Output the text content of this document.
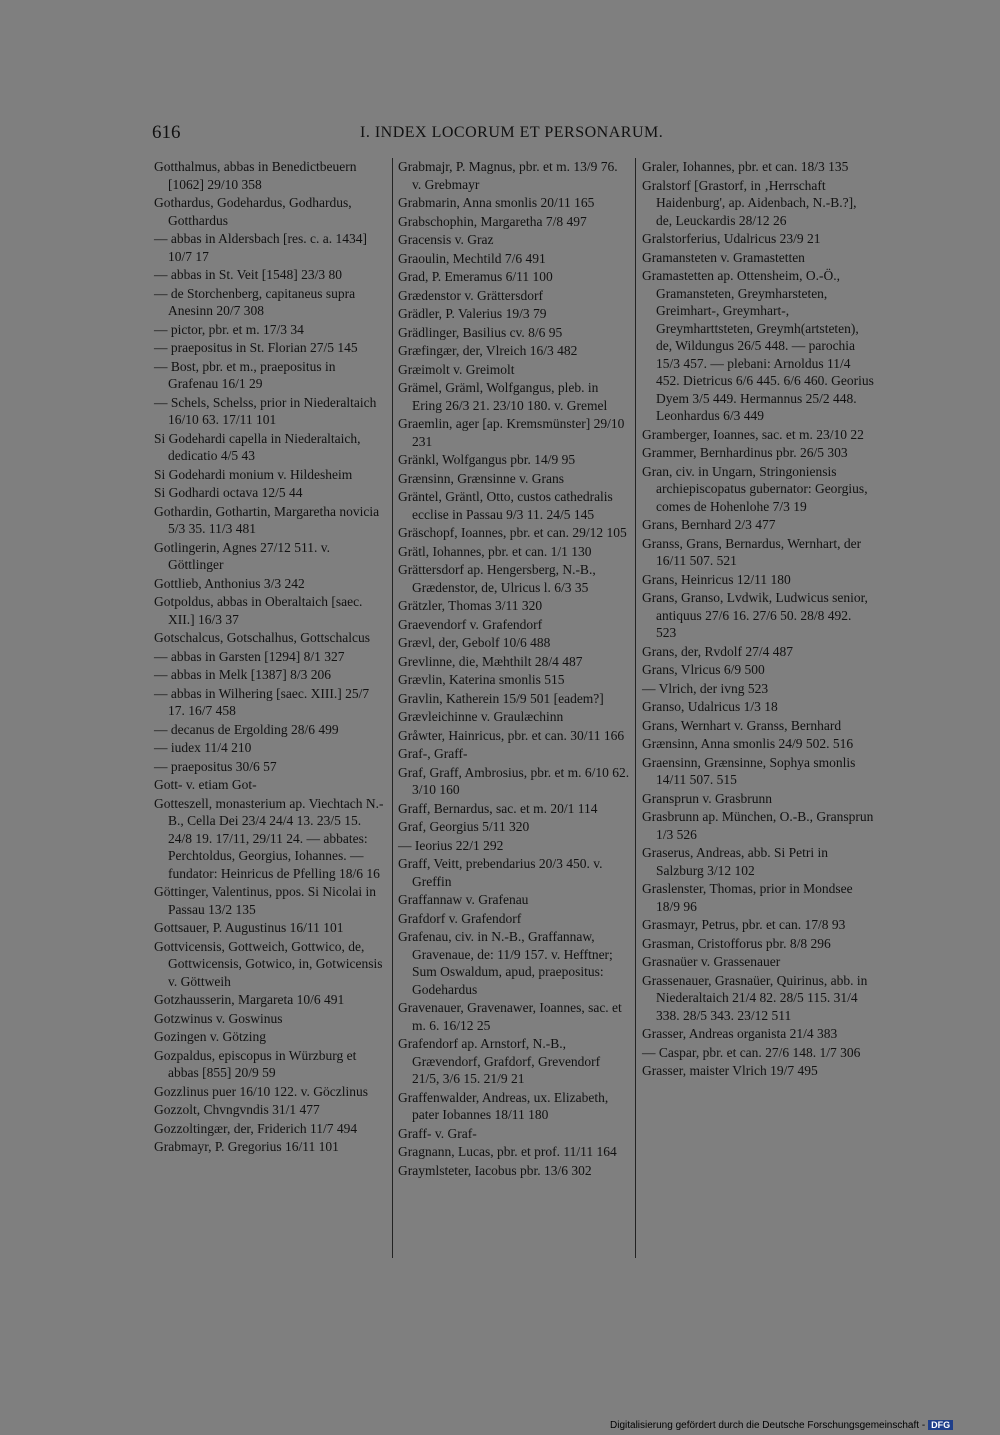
616	I. INDEX LOCORUM ET PERSONARUM.
Gotthalmus, abbas in Benedictbeuern [1062] 29/10 358
Gothardus, Godehardus, Godhardus, Gotthardus
— abbas in Aldersbach [res. c. a. 1434] 10/7 17
— abbas in St. Veit [1548] 23/3 80
— de Storchenberg, capitaneus supra Anesinn 20/7 308
— pictor, pbr. et m. 17/3 34
— praepositus in St. Florian 27/5 145
— Bost, pbr. et m., praepositus in Grafenau 16/1 29
— Schels, Schelss, prior in Niederaltaich 16/10 63. 17/11 101
Si Godehardi capella in Niederaltaich, dedicatio 4/5 43
Si Godehardi monium v. Hildesheim
Si Godhardi octava 12/5 44
Gothardin, Gothartin, Margaretha novicia 5/3 35. 11/3 481
Gotlingerin, Agnes 27/12 511. v. Göttlinger
Gottlieb, Anthonius 3/3 242
Gotpoldus, abbas in Oberaltaich [saec. XII.] 16/3 37
Gotschalcus, Gotschalhus, Gottschalcus
— abbas in Garsten [1294] 8/1 327
— abbas in Melk [1387] 8/3 206
— abbas in Wilhering [saec. XIII.] 25/7 17. 16/7 458
— decanus de Ergolding 28/6 499
— iudex 11/4 210
— praepositus 30/6 57
Gott- v. etiam Got-
Gotteszell, monasterium ap. Viechtach N.-B., Cella Dei 23/4 24/4 13. 23/5 15. 24/8 19. 17/11, 29/11 24. — abbates: Perchtoldus, Georgius, Iohannes. — fundator: Heinricus de Pfelling 18/6 16
Göttinger, Valentinus, ppos. Si Nicolai in Passau 13/2 135
Gottsauer, P. Augustinus 16/11 101
Gottvicensis, Gottweich, Gottwico, de, Gottwicensis, Gotwico, in, Gotwicensis v. Göttweih
Gotzhausserin, Margareta 10/6 491
Gotzwinus v. Goswinus
Gozingen v. Götzing
Gozpaldus, episcopus in Würzburg et abbas [855] 20/9 59
Gozzlinus puer 16/10 122. v. Göczlinus
Gozzolt, Chvngvndis 31/1 477
Gozzoltingær, der, Friderich 11/7 494
Grabmayr, P. Gregorius 16/11 101
Grabmajr, P. Magnus, pbr. et m. 13/9 76. v. Grebmayr
Grabmarin, Anna smonlis 20/11 165
Grabschophin, Margaretha 7/8 497
Gracensis v. Graz
Graoulin, Mechtild 7/6 491
Grad, P. Emeramus 6/11 100
Grædenstor v. Grättersdorf
Grädler, P. Valerius 19/3 79
Grädlinger, Basilius cv. 8/6 95
Græfingær, der, Vlreich 16/3 482
Græimolt v. Greimolt
Grämel, Gräml, Wolfgangus, pleb. in Ering 26/3 21. 23/10 180. v. Gremel
Graemlin, ager [ap. Kremsmünster] 29/10 231
Gränkl, Wolfgangus pbr. 14/9 95
Grænsinn, Grænsinne v. Grans
Gräntel, Gräntl, Otto, custos cathedralis ecclise in Passau 9/3 11. 24/5 145
Gräschopf, Ioannes, pbr. et can. 29/12 105
Grätl, Iohannes, pbr. et can. 1/1 130
Grättersdorf ap. Hengersberg, N.-B., Grædenstor, de, Ulricus l. 6/3 35
Grätzler, Thomas 3/11 320
Graevendorf v. Grafendorf
Grævl, der, Gebolf 10/6 488
Grevlinne, die, Mæhthilt 28/4 487
Grævlin, Katerina smonlis 515
Gravlin, Katherein 15/9 501 [eadem?]
Grævleichinne v. Graulæchinn
Gråwter, Hainricus, pbr. et can. 30/11 166
Graf-, Graff-
Graf, Graff, Ambrosius, pbr. et m. 6/10 62. 3/10 160
Graff, Bernardus, sac. et m. 20/1 114
Graf, Georgius 5/11 320
— Ieorius 22/1 292
Graff, Veitt, prebendarius 20/3 450. v. Greffin
Graffannaw v. Grafenau
Grafdorf v. Grafendorf
Grafenau, civ. in N.-B., Graffannaw, Gravenaue, de: 11/9 157. v. Hefftner; Sum Oswaldum, apud, praepositus: Godehardus
Gravenauer, Gravenawer, Ioannes, sac. et m. 6. 16/12 25
Grafendorf ap. Arnstorf, N.-B., Grævendorf, Grafdorf, Grevendorf 21/5, 3/6 15. 21/9 21
Graffenwalder, Andreas, ux. Elizabeth, pater Iobannes 18/11 180
Graff- v. Graf-
Gragnann, Lucas, pbr. et prof. 11/11 164
Graymlsteter, Iacobus pbr. 13/6 302
Graler, Iohannes, pbr. et can. 18/3 135
Gralstorf [Grastorf, in ‚Herrschaft Haidenburg', ap. Aidenbach, N.-B.?], de, Leuckardis 28/12 26
Gralstorferius, Udalricus 23/9 21
Gramansteten v. Gramastetten
Gramastetten ap. Ottensheim, O.-Ö., Gramansteten, Greymharsteten, Greimhart-, Greymhart-, Greymharttsteten, Greymh(artsteten), de, Wildungus 26/5 448. — parochia 15/3 457. — plebani: Arnoldus 11/4 452. Dietricus 6/6 445. 6/6 460. Georius Dyem 3/5 449. Hermannus 25/2 448. Leonhardus 6/3 449
Gramberger, Ioannes, sac. et m. 23/10 22
Grammer, Bernhardinus pbr. 26/5 303
Gran, civ. in Ungarn, Stringoniensis archiepiscopatus gubernator: Georgius, comes de Hohenlohe 7/3 19
Grans, Bernhard 2/3 477
Granss, Grans, Bernardus, Wernhart, der 16/11 507. 521
Grans, Heinricus 12/11 180
Grans, Granso, Lvdwik, Ludwicus senior, antiquus 27/6 16. 27/6 50. 28/8 492. 523
Grans, der, Rvdolf 27/4 487
Grans, Vlricus 6/9 500
— Vlrich, der ivng 523
Granso, Udalricus 1/3 18
Grans, Wernhart v. Granss, Bernhard
Grænsinn, Anna smonlis 24/9 502. 516
Graensinn, Grænsinne, Sophya smonlis 14/11 507. 515
Gransprun v. Grasbrunn
Grasbrunn ap. München, O.-B., Gransprun 1/3 526
Graserus, Andreas, abb. Si Petri in Salzburg 3/12 102
Graslenster, Thomas, prior in Mondsee 18/9 96
Grasmayr, Petrus, pbr. et can. 17/8 93
Grasman, Cristofforus pbr. 8/8 296
Grasnaüer v. Grassenauer
Grassenauer, Grasnaüer, Quirinus, abb. in Niederaltaich 21/4 82. 28/5 115. 31/4 338. 28/5 343. 23/12 511
Grasser, Andreas organista 21/4 383
— Caspar, pbr. et can. 27/6 148. 1/7 306
Grasser, maister Vlrich 19/7 495
Digitalisierung gefördert durch die Deutsche Forschungsgemeinschaft - DFG
